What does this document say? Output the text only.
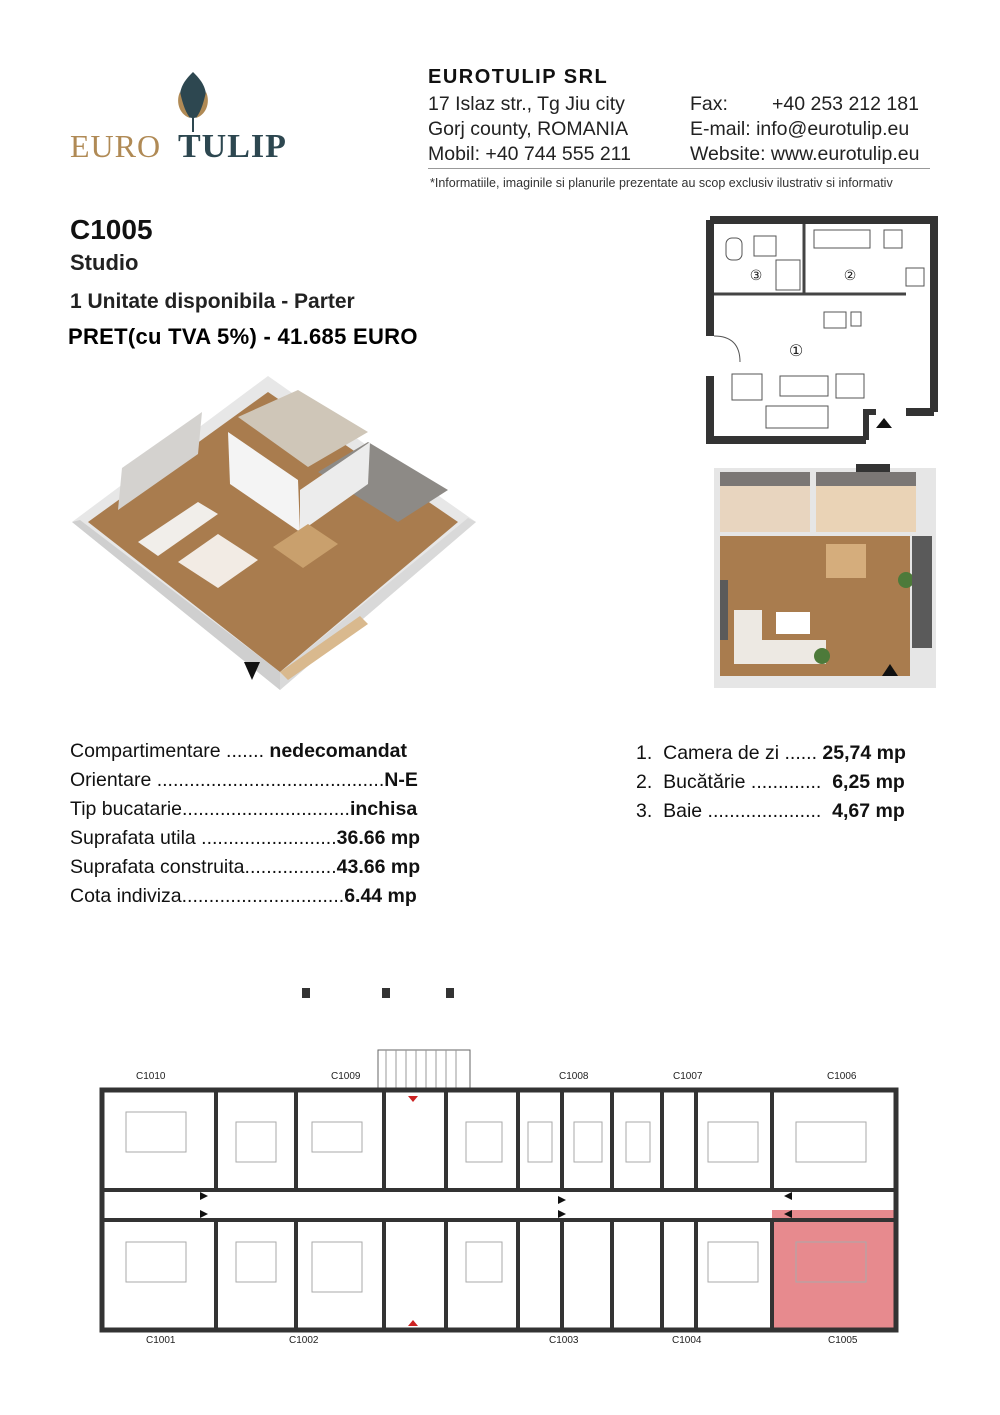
EURO TULIP
EUROTULIP SRL
17 Islaz str., Tg Jiu city
Gorj county, ROMANIA
Mobil: +40 744 555 211
Fax: +40 253 212 181
E-mail: info@eurotulip.eu
Website: www.eurotulip.eu
*Informatiile, imaginile si planurile prezentate au scop exclusiv ilustrativ si informativ
C1005
Studio
1 Unitate disponibila - Parter
PRET(cu TVA 5%) - 41.685 EURO
③	②
①
Compartimentare ....... nedecomandat
Orientare ..........................................N-E
Tip bucatarie...............................inchisa
Suprafata utila .........................36.66 mp
Suprafata construita.................43.66 mp
Cota indiviza..............................6.44 mp
1. Camera de zi ...... 25,74 mp
2. Bucătărie .............  6,25 mp
3. Baie .....................  4,67 mp
C1010	C1009	C1008	C1007	C1006
C1001	C1002	C1003	C1004	C1005
